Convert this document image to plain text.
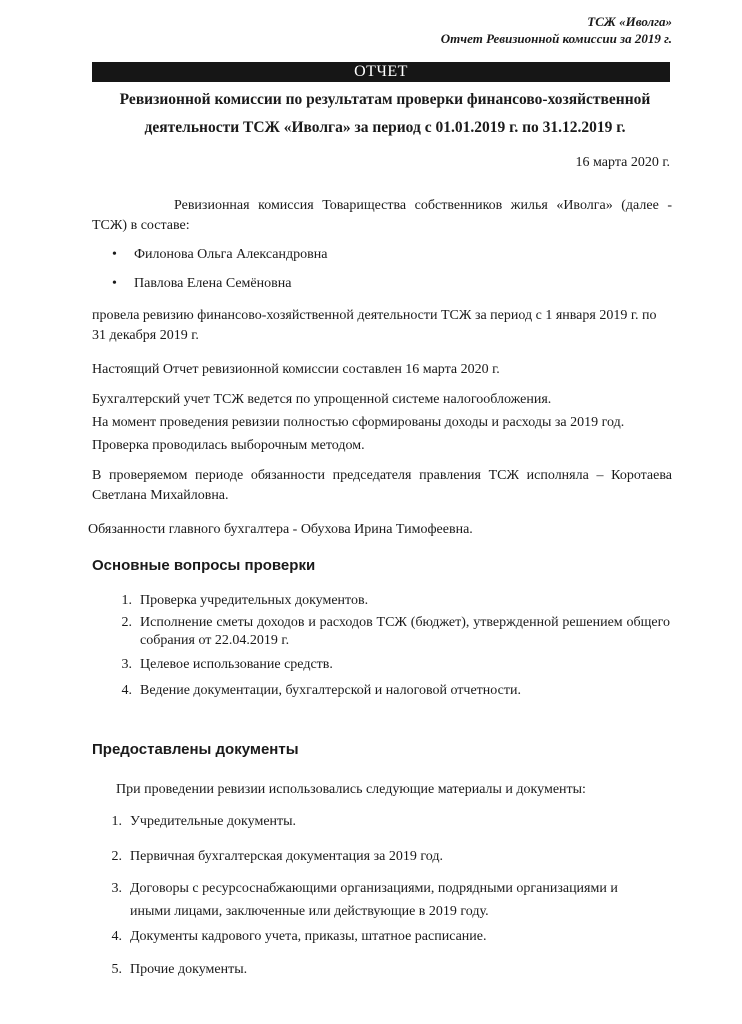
ТСЖ «Иволга»
Отчет Ревизионной комиссии за 2019 г.
ОТЧЕТ
Ревизионной комиссии по результатам проверки финансово-хозяйственной
деятельности ТСЖ «Иволга» за период с 01.01.2019 г. по 31.12.2019 г.
16 марта 2020 г.

Ревизионная комиссия Товарищества собственников жилья «Иволга» (далее - ТСЖ) в составе:

• Филонова Ольга Александровна
• Павлова Елена Семёновна

провела ревизию финансово-хозяйственной деятельности ТСЖ за период с 1 января 2019 г. по 31 декабря 2019 г.

Настоящий Отчет ревизионной комиссии составлен 16 марта 2020 г.

Бухгалтерский учет ТСЖ ведется по упрощенной системе налогообложения.

На момент проведения ревизии полностью сформированы доходы и расходы за 2019 год.

Проверка проводилась выборочным методом.

В проверяемом периоде обязанности председателя правления ТСЖ исполняла – Коротаева Светлана Михайловна.

Обязанности главного бухгалтера - Обухова Ирина Тимофеевна.

Основные вопросы проверки
1. Проверка учредительных документов.
2. Исполнение сметы доходов и расходов ТСЖ (бюджет), утвержденной решением общего собрания от 22.04.2019 г.
3. Целевое использование средств.
4. Ведение документации, бухгалтерской и налоговой отчетности.
Предоставлены документы

При проведении ревизии использовались следующие материалы и документы:

1. Учредительные документы.
2. Первичная бухгалтерская документация за 2019 год.
3. Договоры с ресурсоснабжающими организациями, подрядными организациями и иными лицами, заключенные или действующие в 2019 году.
4. Документы кадрового учета, приказы, штатное расписание.
5. Прочие документы.
